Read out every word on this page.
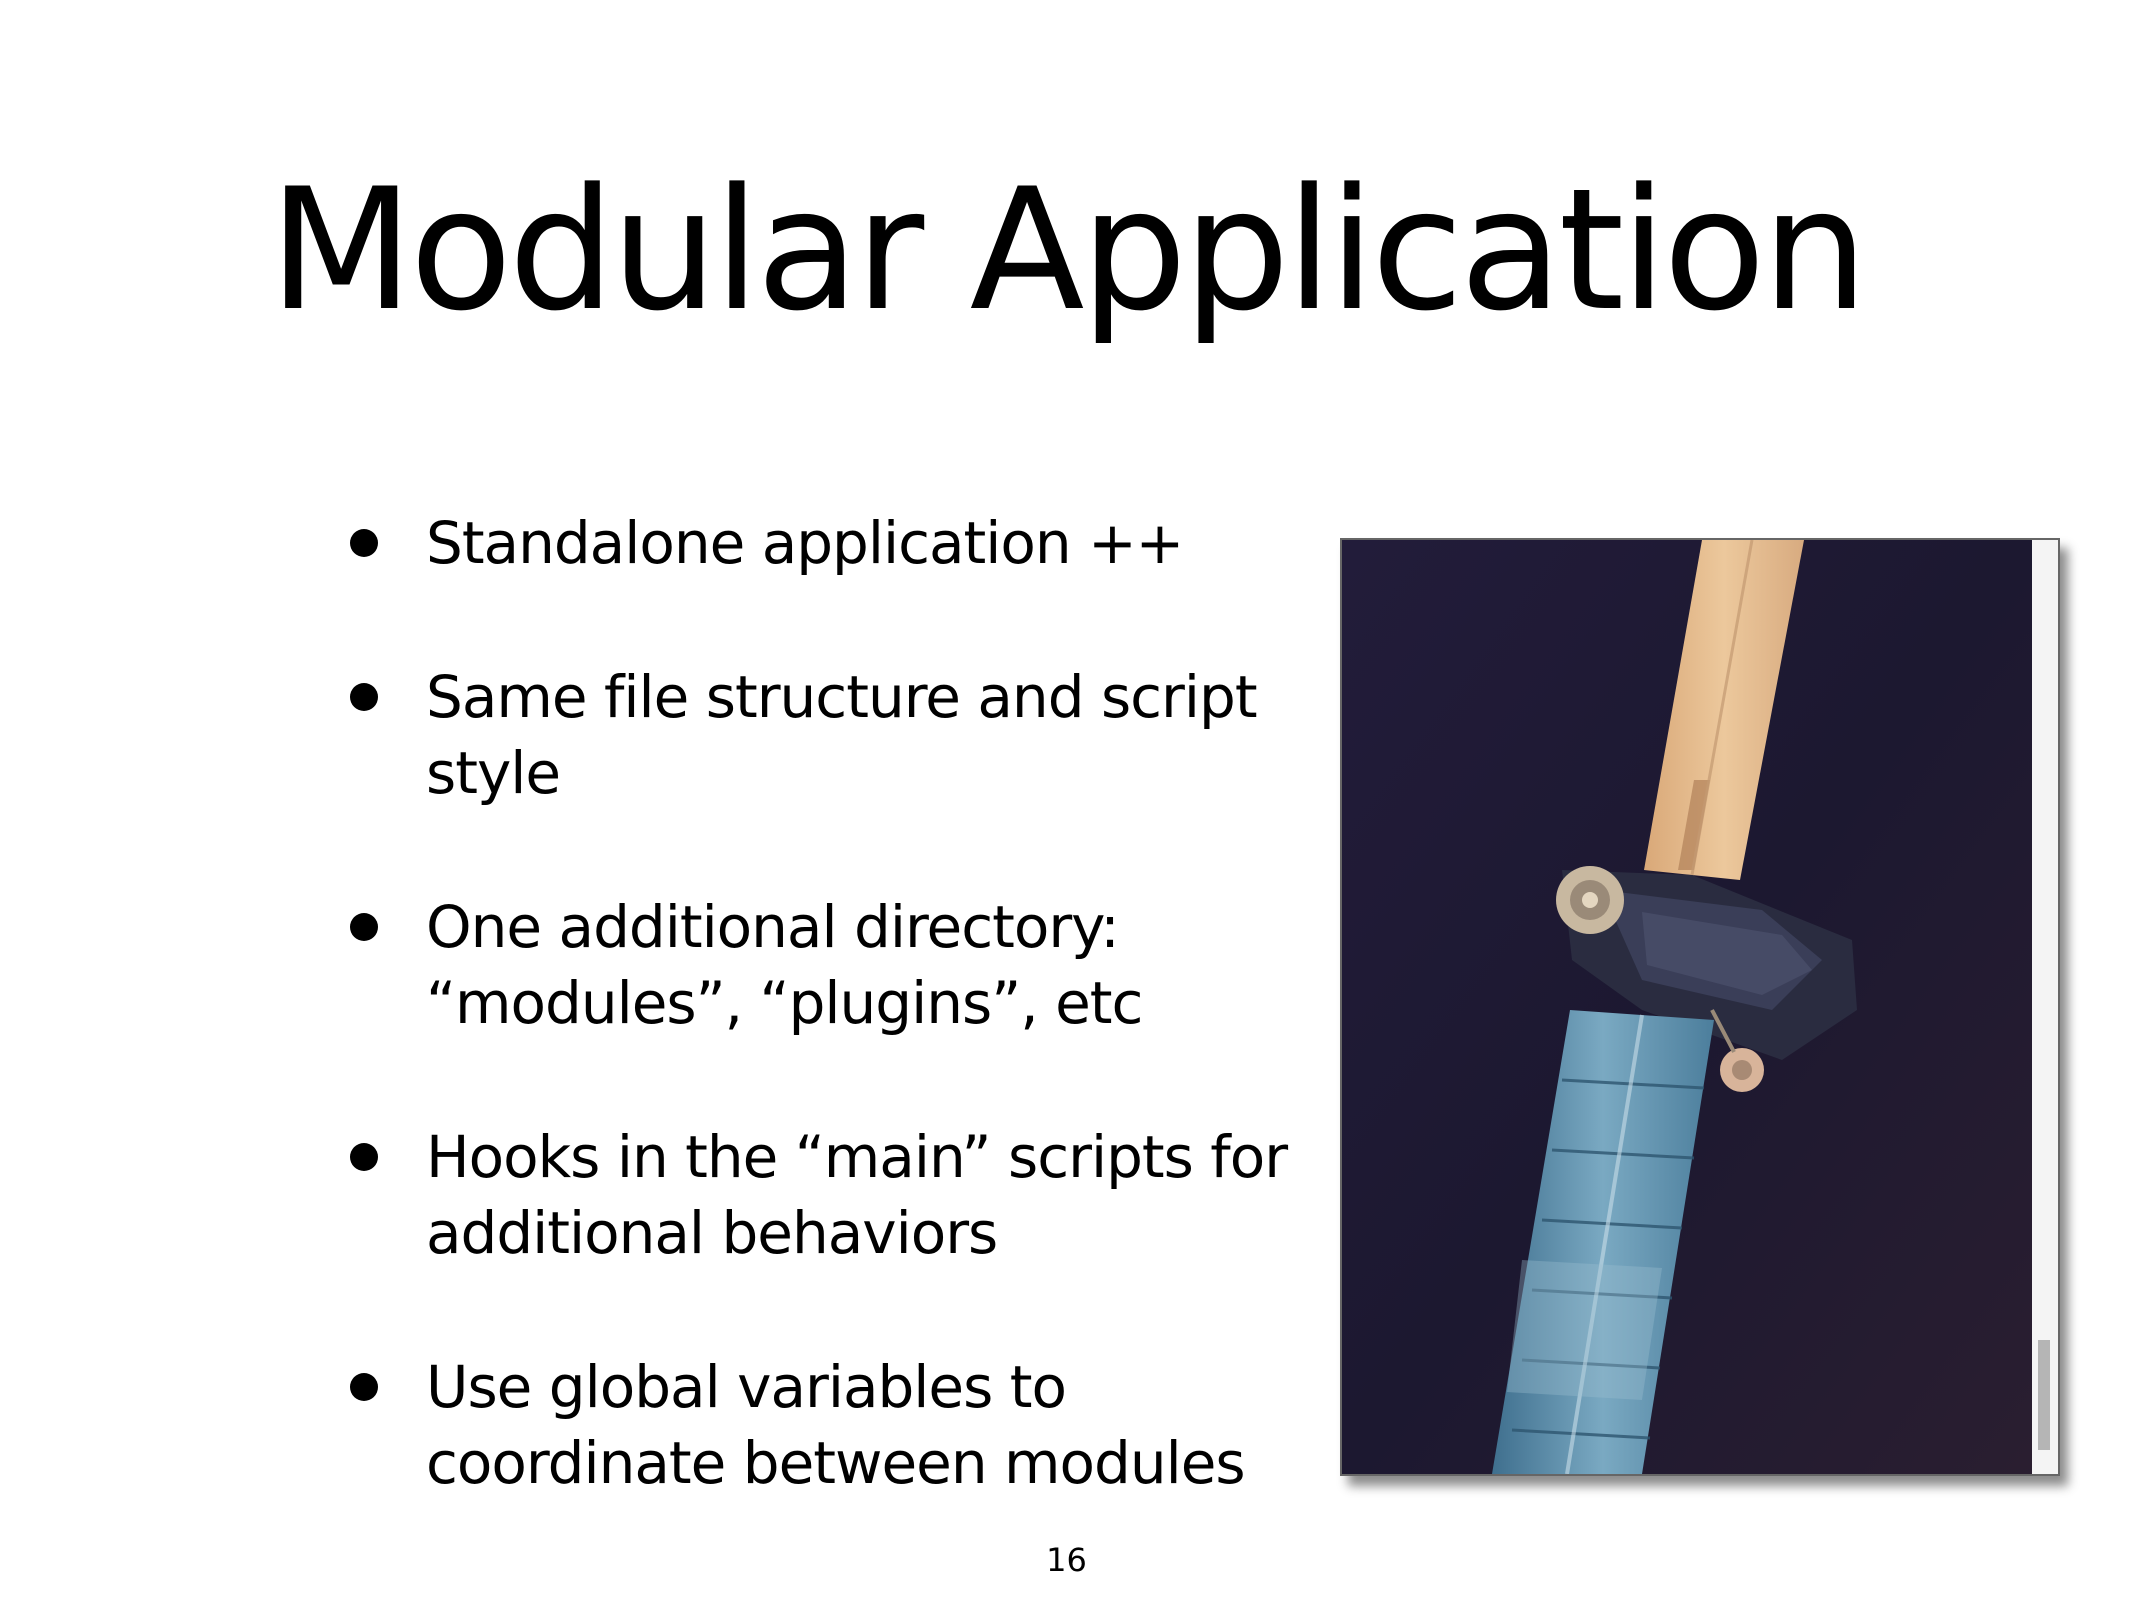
Modular Application
Standalone application ++
Same file structure and script
style
One additional directory:
“modules”, “plugins”, etc
Hooks in the “main” scripts for
additional behaviors
Use global variables to
coordinate between modules
16
